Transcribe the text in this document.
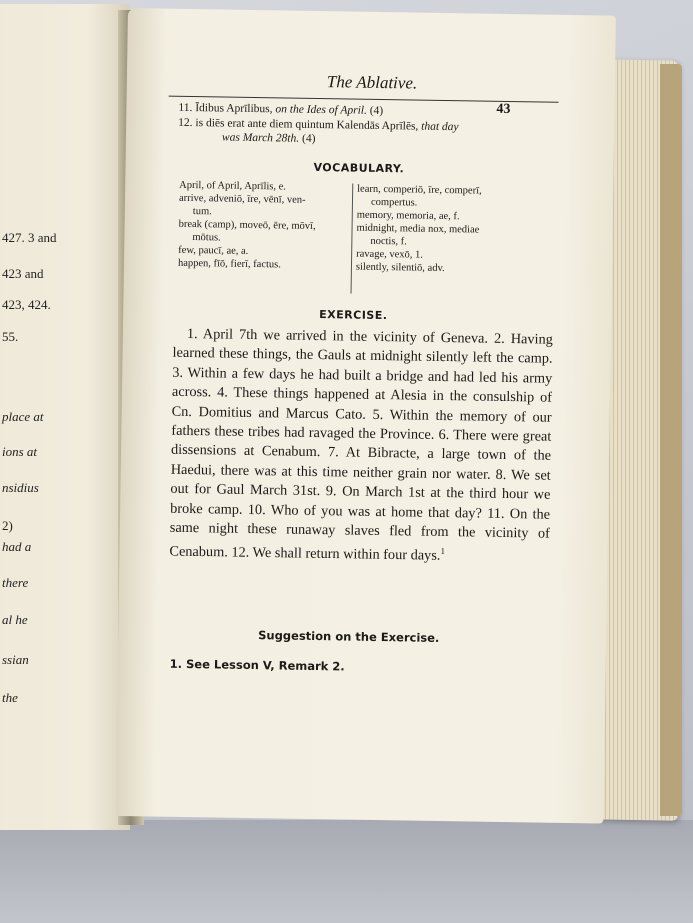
427. 3 and
423 and
423, 424.
55.
place at
ions at
nsidius
2)
had a
there
al he
ssian
the
The Ablative.
43
11. Īdibus Aprīlibus, on the Ides of April. (4)
12. is diēs erat ante diem quintum Kalendās Aprīlēs, that day
was March 28th. (4)
VOCABULARY.
April, of April, Aprīlis, e.
arrive, adveniō, īre, vēnī, ven-
tum.
break (camp), moveō, ēre, mōvī,
mōtus.
few, paucī, ae, a.
happen, fīō, fierī, factus.
learn, comperiō, īre, comperī,
compertus.
memory, memoria, ae, f.
midnight, media nox, mediae
noctis, f.
ravage, vexō, 1.
silently, silentiō, adv.
EXERCISE.

1. April 7th we arrived in the vicinity of Geneva. 2. Having learned these things, the Gauls at midnight silently left the camp. 3. Within a few days he had built a bridge and had led his army across. 4. These things happened at Alesia in the consulship of Cn. Domitius and Marcus Cato. 5. Within the memory of our fathers these tribes had ravaged the Province. 6. There were great dissensions at Cenabum. 7. At Bibracte, a large town of the Haedui, there was at this time neither grain nor water. 8. We set out for Gaul March 31st. 9. On March 1st at the third hour we broke camp. 10. Who of you was at home that day? 11. On the same night these runaway slaves fled from the vicinity of Cenabum. 12. We shall return within four days.$^1$

Suggestion on the Exercise.
1. See Lesson V, Remark 2.
